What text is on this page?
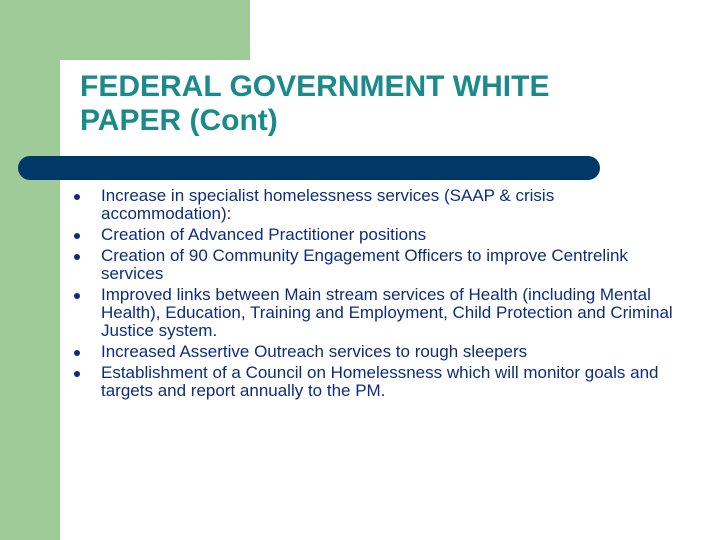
FEDERAL GOVERNMENT WHITE
PAPER (Cont)
Increase in specialist homelessness services (SAAP & crisis accommodation):
Creation of Advanced Practitioner positions
Creation of 90 Community Engagement Officers to improve Centrelink services
Improved links between Main stream services of Health (including Mental Health), Education, Training and Employment, Child Protection and Criminal Justice system.
Increased Assertive Outreach services to rough sleepers
Establishment of a Council on Homelessness which will monitor goals and targets and report annually to the PM.
